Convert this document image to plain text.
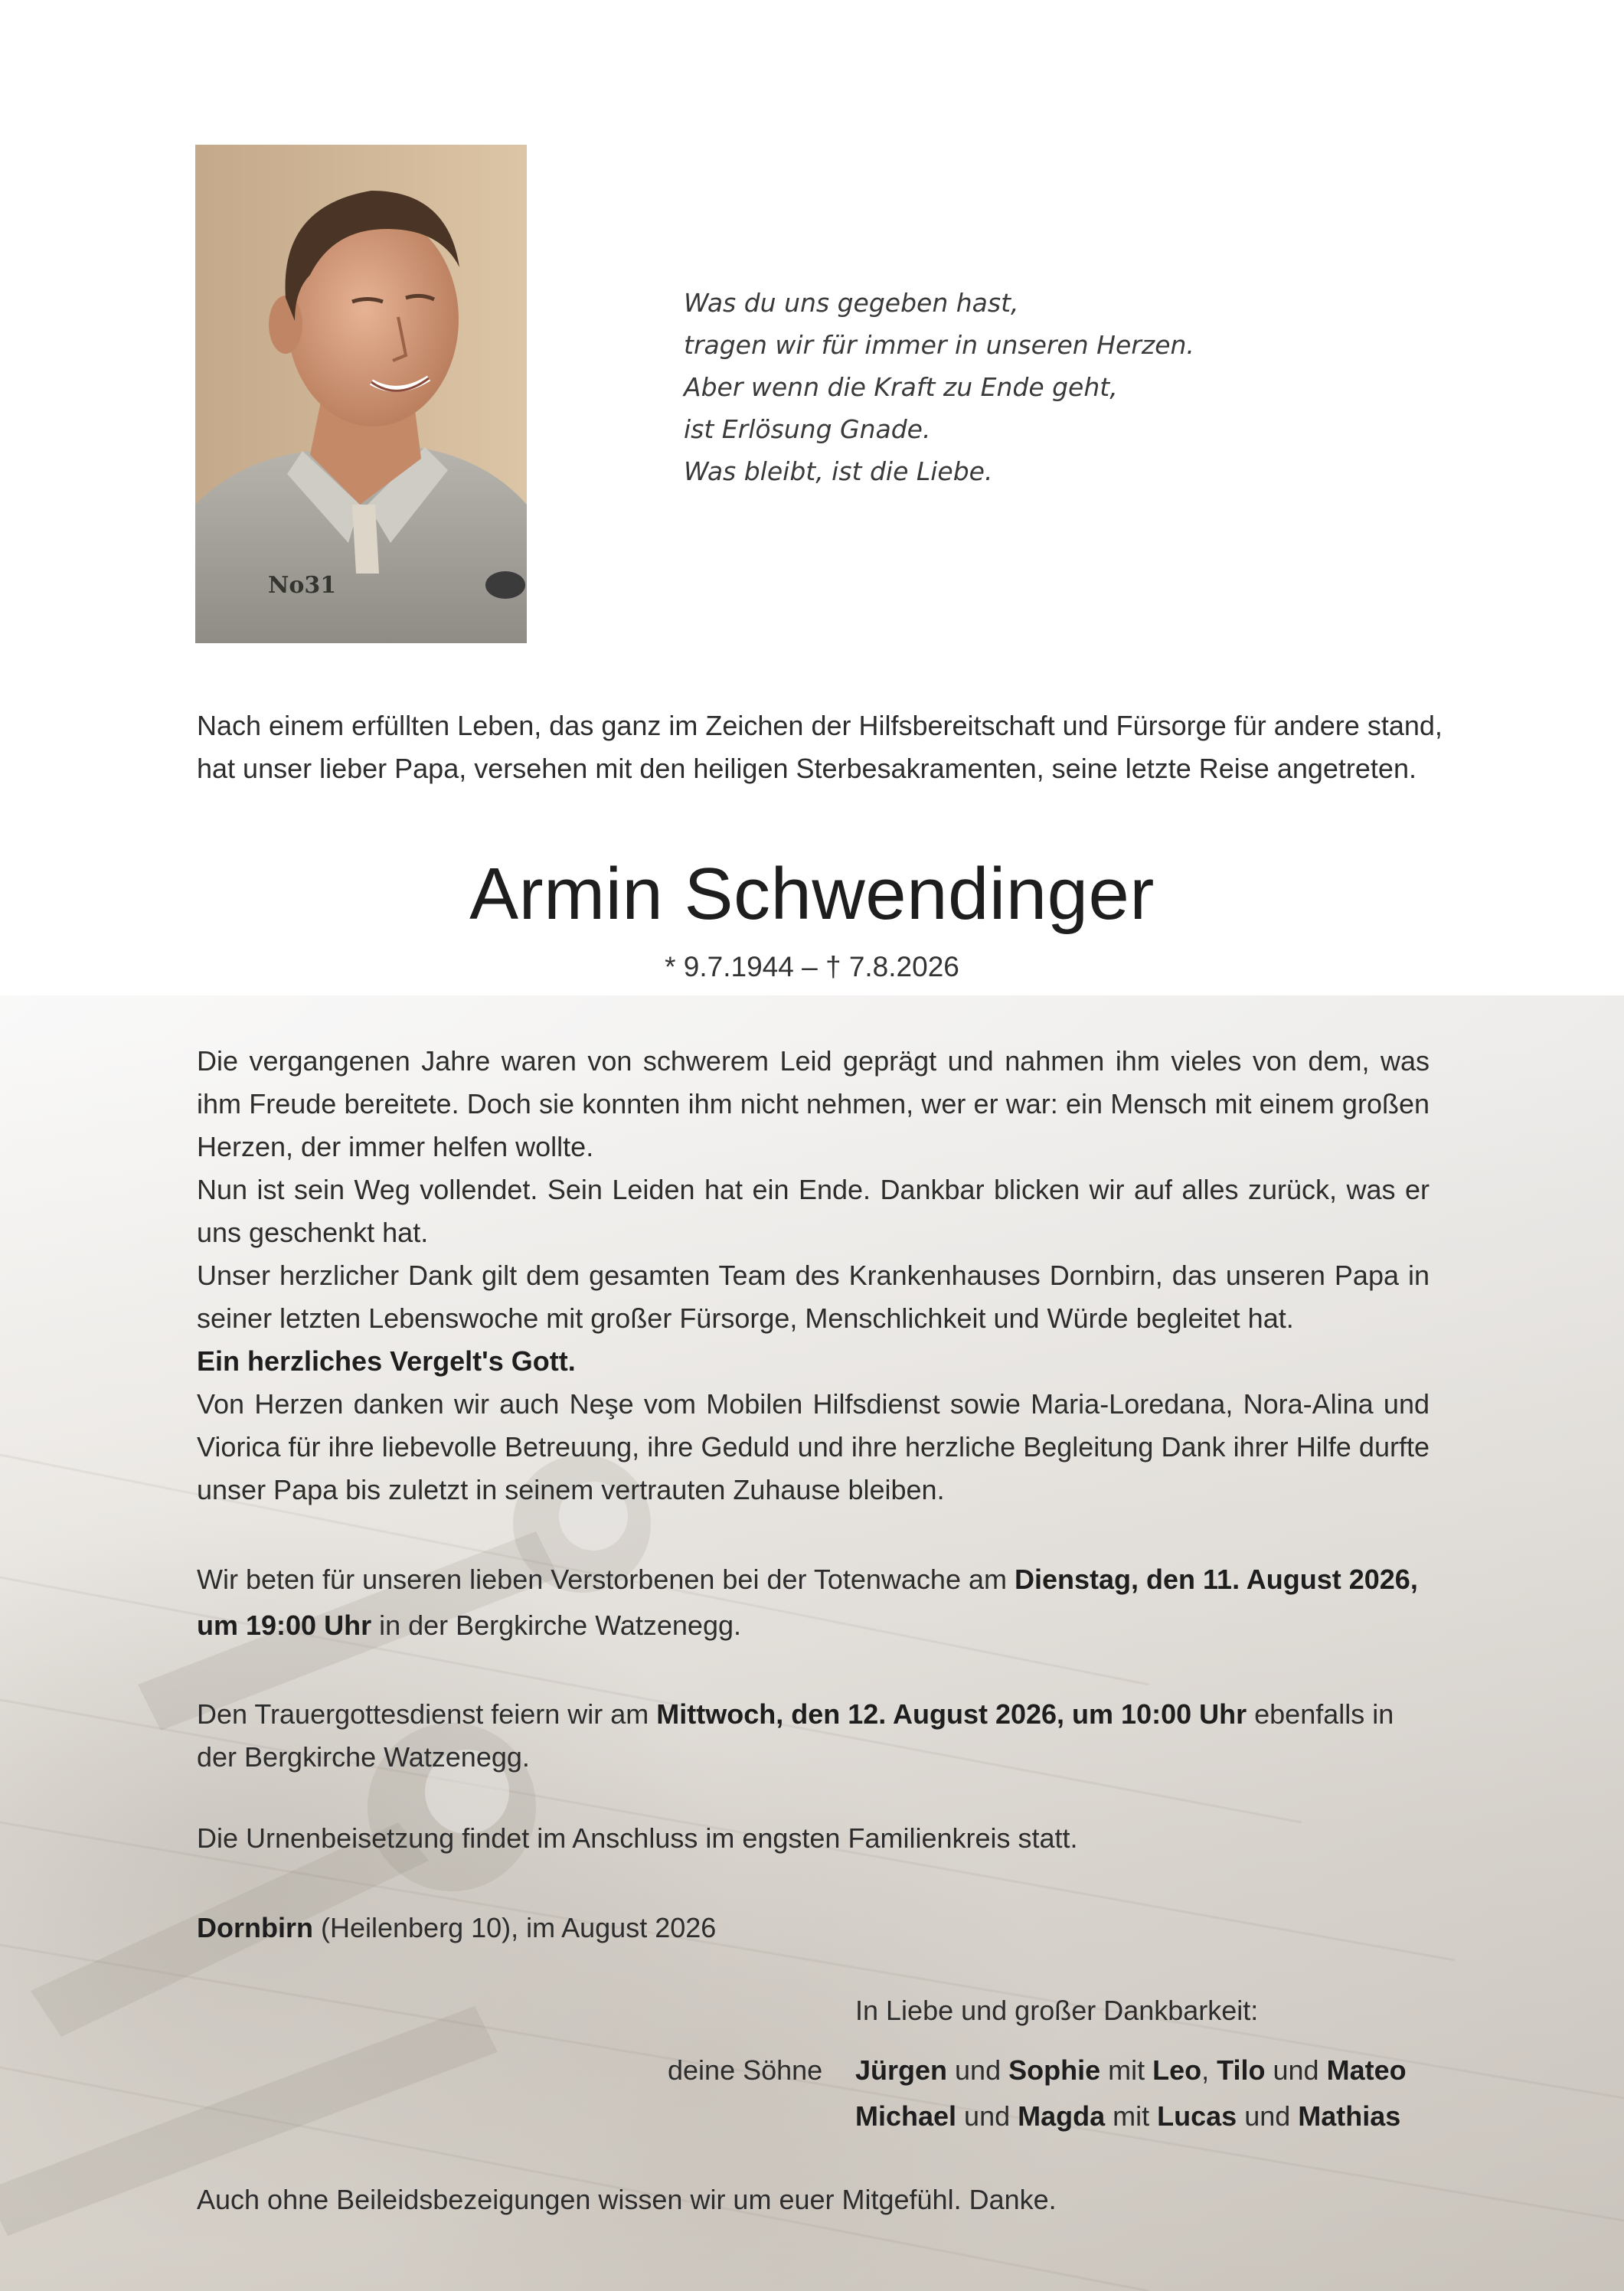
No31
Was du uns gegeben hast,
tragen wir für immer in unseren Herzen.
Aber wenn die Kraft zu Ende geht,
ist Erlösung Gnade.
Was bleibt, ist die Liebe.
Nach einem erfüllten Leben, das ganz im Zeichen der Hilfsbereitschaft und Fürsorge für andere stand,
hat unser lieber Papa, versehen mit den heiligen Sterbesakramenten, seine letzte Reise angetreten.
Armin Schwendinger
* 9.7.1944 – † 7.8.2026

Die vergangenen Jahre waren von schwerem Leid geprägt und nahmen ihm vieles von dem, was ihm Freude bereitete. Doch sie konnten ihm nicht nehmen, wer er war: ein Mensch mit einem großen Herzen, der immer helfen wollte.

Nun ist sein Weg vollendet. Sein Leiden hat ein Ende. Dankbar blicken wir auf alles zurück, was er uns geschenkt hat.

Unser herzlicher Dank gilt dem gesamten Team des Krankenhauses Dornbirn, das unseren Papa in seiner letzten Lebenswoche mit großer Fürsorge, Menschlichkeit und Würde begleitet hat.

Ein herzliches Vergelt's Gott.

Von Herzen danken wir auch Neşe vom Mobilen Hilfsdienst sowie Maria-Loredana, Nora-Alina und Viorica für ihre liebevolle Betreuung, ihre Geduld und ihre herzliche Begleitung Dank ihrer Hilfe durfte unser Papa bis zuletzt in seinem vertrauten Zuhause bleiben.

Wir beten für unseren lieben Verstorbenen bei der Totenwache am Dienstag, den 11. August 2026,
um 19:00 Uhr in der Bergkirche Watzenegg.
Den Trauergottesdienst feiern wir am Mittwoch, den 12. August 2026, um 10:00 Uhr ebenfalls in der Bergkirche Watzenegg.
Die Urnenbeisetzung findet im Anschluss im engsten Familienkreis statt.
Dornbirn (Heilenberg 10), im August 2026
In Liebe und großer Dankbarkeit:
deine Söhne Jürgen und Sophie mit Leo, Tilo und Mateo
Michael und Magda mit Lucas und Mathias
Auch ohne Beileidsbezeigungen wissen wir um euer Mitgefühl. Danke.
